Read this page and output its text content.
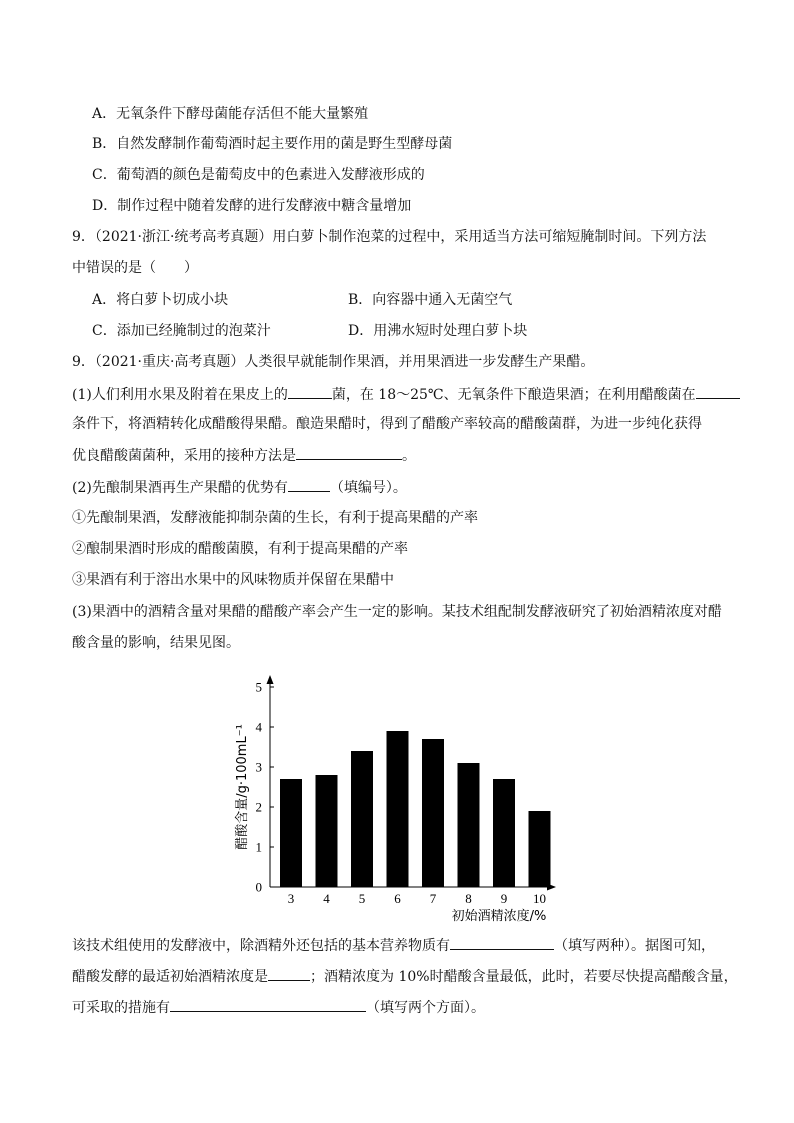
A．无氧条件下酵母菌能存活但不能大量繁殖
B．自然发酵制作葡萄酒时起主要作用的菌是野生型酵母菌
C．葡萄酒的颜色是葡萄皮中的色素进入发酵液形成的
D．制作过程中随着发酵的进行发酵液中糖含量增加
9．（2021·浙江·统考高考真题）用白萝卜制作泡菜的过程中，采用适当方法可缩短腌制时间。下列方法
中错误的是（　　）
A．将白萝卜切成小块	B．向容器中通入无菌空气
C．添加已经腌制过的泡菜汁	D．用沸水短时处理白萝卜块
9．（2021·重庆·高考真题）人类很早就能制作果酒，并用果酒进一步发酵生产果醋。
(1)人们利用水果及附着在果皮上的	菌，在 18～25℃、无氧条件下酿造果酒；在利用醋酸菌在
条件下，将酒精转化成醋酸得果醋。酿造果醋时，得到了醋酸产率较高的醋酸菌群，为进一步纯化获得
优良醋酸菌菌种，采用的接种方法是	。
(2)先酿制果酒再生产果醋的优势有	（填编号）。
①先酿制果酒，发酵液能抑制杂菌的生长，有利于提高果醋的产率
②酿制果酒时形成的醋酸菌膜，有利于提高果醋的产率
③果酒有利于溶出水果中的风味物质并保留在果醋中
(3)果酒中的酒精含量对果醋的醋酸产率会产生一定的影响。某技术组配制发酵液研究了初始酒精浓度对醋
酸含量的影响，结果见图。
0
1
2
3
4
5
3 4 5 6 7 8 9 10
初始酒精浓度/%
醋酸含量/g·100mL⁻¹
该技术组使用的发酵液中，除酒精外还包括的基本营养物质有	（填写两种）。据图可知，
醋酸发酵的最适初始酒精浓度是	；酒精浓度为 10%时醋酸含量最低，此时，若要尽快提高醋酸含量，
可采取的措施有	（填写两个方面）。
